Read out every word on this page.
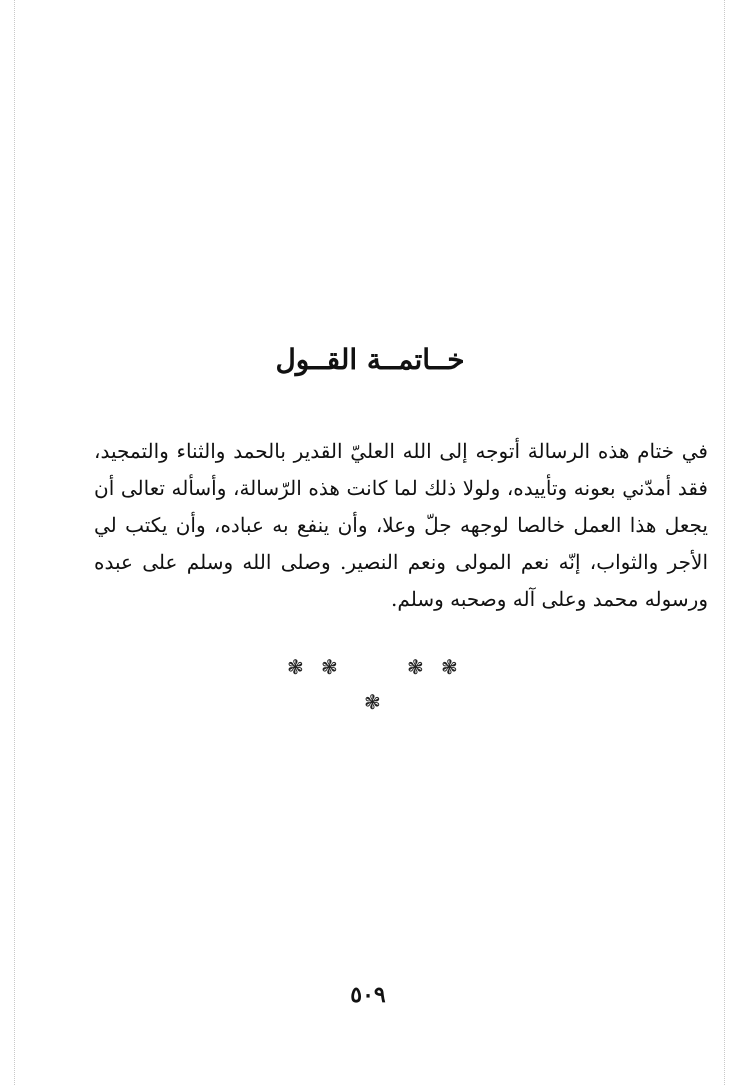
خــاتمــة القــول

في ختام هذه الرسالة أتوجه إلى الله العليّ القدير بالحمد والثناء والتمجيد، فقد أمدّني بعونه وتأييده، ولولا ذلك لما كانت هذه الرّسالة، وأسأله تعالى أن يجعل هذا العمل خالصا لوجهه جلّ وعلا، وأن ينفع به عباده، وأن يكتب لي الأجر والثواب، إنّه نعم المولى ونعم النصير. وصلى الله وسلم على عبده ورسوله محمد وعلى آله وصحبه وسلم.

❃ ❃	❃ ❃
❃
٥٠٩
